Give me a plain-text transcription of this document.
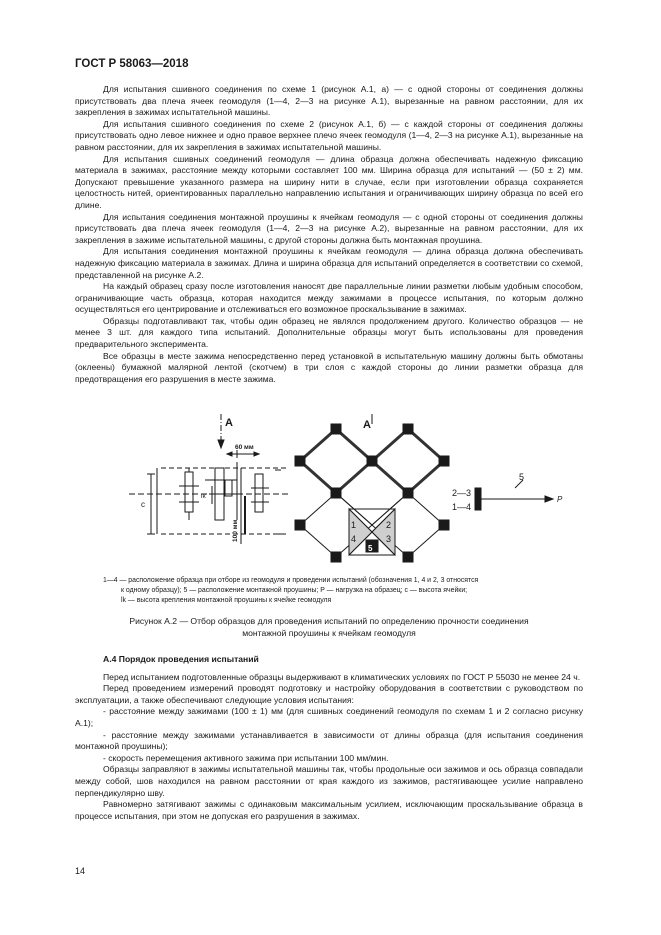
ГОСТ Р 58063—2018

Для испытания сшивного соединения по схеме 1 (рисунок А.1, а) — с одной стороны от соединения должны присутствовать два плеча ячеек геомодуля (1—4, 2—3 на рисунке А.1), вырезанные на равном расстоянии, для их закрепления в зажимах испытательной машины.

Для испытания сшивного соединения по схеме 2 (рисунок А.1, б) — с каждой стороны от соединения должны присутствовать одно левое нижнее и одно правое верхнее плечо ячеек геомодуля (1—4, 2—3 на рисунке А.1), вырезанные на равном расстоянии, для их закрепления в зажимах испытательной машины.

Для испытания сшивных соединений геомодуля — длина образца должна обеспечивать надежную фиксацию материала в зажимах, расстояние между которыми составляет 100 мм. Ширина образца для испытаний — (50 ± 2) мм. Допускают превышение указанного размера на ширину нити в случае, если при изготовлении образца сохраняется целостность нитей, ориентированных параллельно направлению испытания и ограничивающих ширину образца по всей его длине.

Для испытания соединения монтажной проушины к ячейкам геомодуля — с одной стороны от соединения должны присутствовать два плеча ячеек геомодуля (1—4, 2—3 на рисунке А.2), вырезанные на равном расстоянии, для их закрепления в зажиме испытательной машины, с другой стороны должна быть монтажная проушина.

Для испытания соединения монтажной проушины к ячейкам геомодуля — длина образца должна обеспечивать надежную фиксацию материала в зажимах. Длина и ширина образца для испытаний определяется в соответствии со схемой, представленной на рисунке А.2.

На каждый образец сразу после изготовления наносят две параллельные линии разметки любым удобным способом, ограничивающие часть образца, которая находится между зажимами в процессе испытания, по которым должно осуществляться его центрирование и отслеживаться его возможное проскальзывание в зажимах.

Образцы подготавливают так, чтобы один образец не являлся продолжением другого. Количество образцов — не менее 3 шт. для каждого типа испытаний. Дополнительные образцы могут быть использованы для проведения предварительного эксперимента.

Все образцы в месте зажима непосредственно перед установкой в испытательную машину должны быть обмотаны (оклеены) бумажной малярной лентой (скотчем) в три слоя с каждой стороны до линии разметки образца для предотвращения его разрушения в месте зажима.

А	А
60 мм
c
lk
100 мм	1	2
4	3
5
2—3
1—4
5
P
1—4 — расположение образца при отборе из геомодуля и проведении испытаний (обозначения 1, 4 и 2, 3 относятся
к одному образцу); 5 — расположение монтажной проушины; P — нагрузка на образец; c — высота ячейки;
lk — высота крепления монтажной проушины к ячейке геомодуля
Рисунок А.2 — Отбор образцов для проведения испытаний по определению прочности соединения
монтажной проушины к ячейкам геомодуля
А.4 Порядок проведения испытаний

Перед испытанием подготовленные образцы выдерживают в климатических условиях по ГОСТ Р 55030 не менее 24 ч.

Перед проведением измерений проводят подготовку и настройку оборудования в соответствии с руководством по эксплуатации, а также обеспечивают следующие условия испытания:

- расстояние между зажимами (100 ± 1) мм (для сшивных соединений геомодуля по схемам 1 и 2 согласно рисунку А.1);

- расстояние между зажимами устанавливается в зависимости от длины образца (для испытания соединения монтажной проушины);

- скорость перемещения активного зажима при испытании 100 мм/мин.

Образцы заправляют в зажимы испытательной машины так, чтобы продольные оси зажимов и ось образца совпадали между собой, шов находился на равном расстоянии от края каждого из зажимов, растягивающее усилие направлено перпендикулярно шву.

Равномерно затягивают зажимы с одинаковым максимальным усилием, исключающим проскальзывание образца в процессе испытания, при этом не допуская его разрушения в зажимах.

14
